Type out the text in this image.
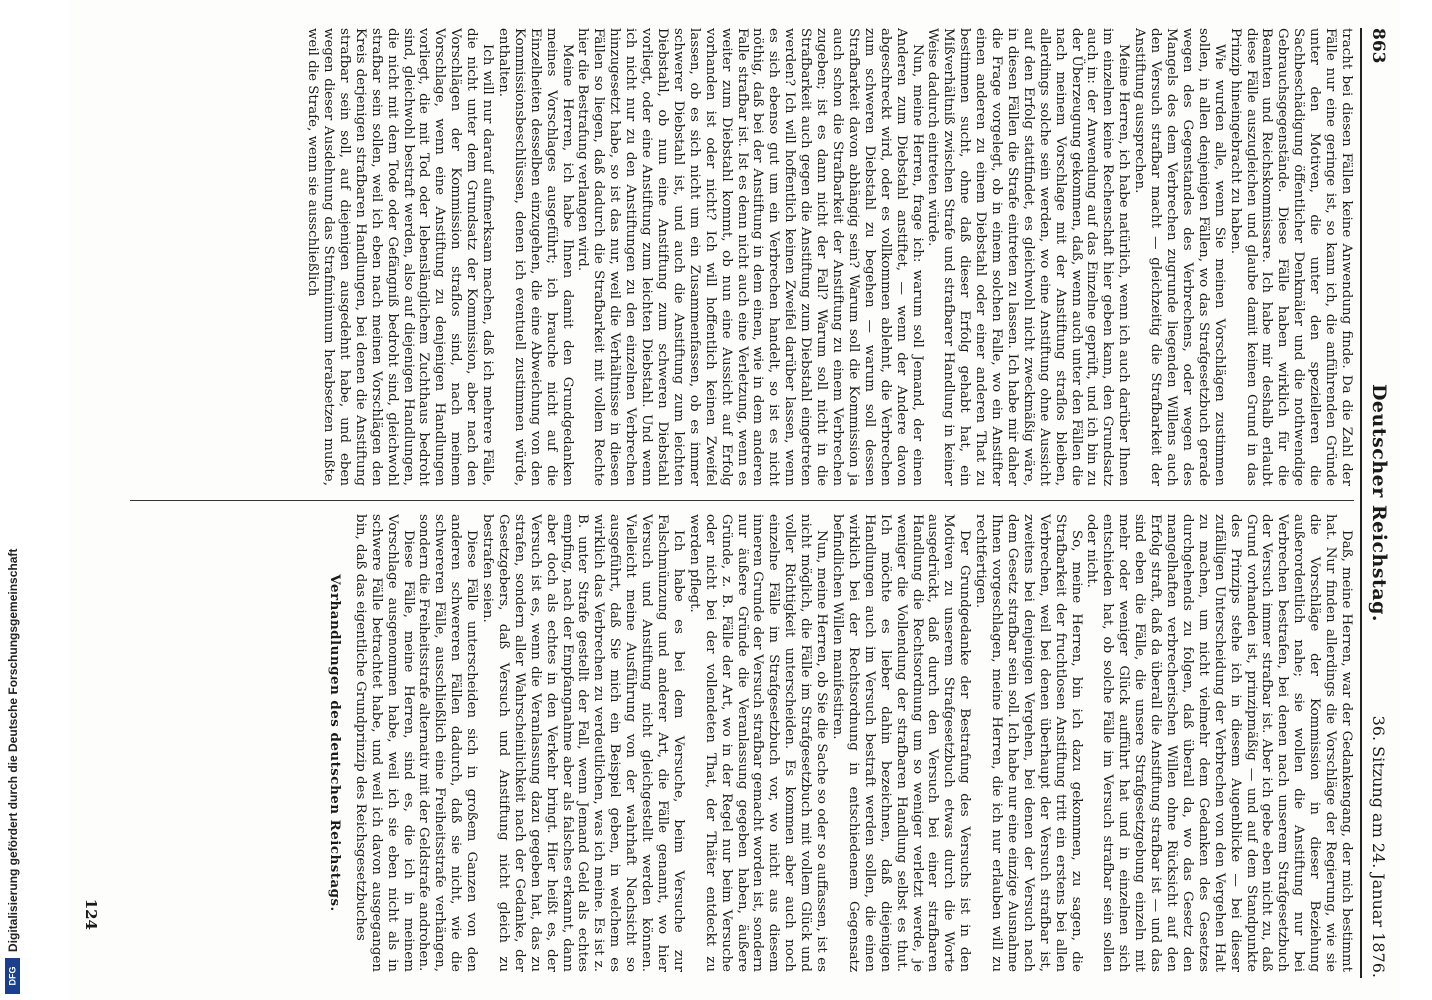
863
Deutscher Reichstag.
36. Sitzung am 24. Januar 1876.

tracht bei diesen Fällen keine Anwendung finde. Da die Zahl der Fälle nur eine geringe ist, so kann ich, die anführenden Gründe unter den Motiven, die unter den spezielleren die Sachbeschädigung öffentlicher Denkmäler und die nothwendige Gebrauchsgegenstände. Diese Fälle haben wirklich für die Beamten und Reichskommissare. Ich habe mir deshalb erlaubt diese Fälle auszugleichen und glaube damit keinen Grund in das Prinzip hineingebracht zu haben.

Wie wurden alle, wenn Sie meinen Vorschlägen zustimmen sollen, in allen denjenigen Fällen, wo das Strafgesetzbuch gerade wegen des Gegenstandes des Verbrechens, oder wegen des Mangels des dem Verbrechen zugrunde liegenden Willens auch den Versuch strafbar macht — gleichzeitig die Strafbarkeit der Anstiftung aussprechen.

Meine Herren, ich habe natürlich, wenn ich auch darüber Ihnen im einzelnen keine Rechenschaft hier geben kann, den Grundsatz auch in: der Anwendung auf das Einzelne geprüft, und ich bin zu der Überzeugung gekommen, daß, wenn auch unter den Fällen die nach meinem Vorschlage mit der Anstiftung straflos bleiben, allerdings solche sein werden, wo eine Anstiftung ohne Aussicht auf den Erfolg stattfindet, es gleichwohl nicht zweckmäßig wäre, in diesen Fällen die Strafe eintreten zu lassen. Ich habe mir daher die Frage vorgelegt, ob in einem solchen Falle, wo ein Anstifter einen anderen zu einem Diebstahl oder einer anderen That zu bestimmen sucht, ohne daß dieser Erfolg gehabt hat, ein Mißverhältniß zwischen Strafe und strafbarer Handlung in keiner Weise dadurch eintreten würde.

Nun, meine Herren, frage ich: warum soll Jemand, der einen Anderen zum Diebstahl anstiftet, — wenn der Andere davon abgeschreckt wird, oder es vollkommen ablehnt, die Verbrechen zum schweren Diebstahl zu begehen — warum soll dessen Strafbarkeit davon abhängig sein? Warum soll die Kommission ja auch schon die Strafbarkeit der Anstiftung zu einem Verbrechen zugeben; ist es dann nicht der Fall? Warum soll nicht in die Strafbarkeit auch gegen die Anstiftung zum Diebstahl eingetreten werden? Ich will hoffentlich keinen Zweifel darüber lassen, wenn es sich ebenso gut um ein Verbrechen handelt, so ist es nicht nöthig, daß bei der Anstiftung in dem einen, wie in dem anderen Falle strafbar ist. Ist es denn nicht auch eine Verletzung, wenn es weiter zum Diebstahl kommt, ob nun eine Aussicht auf Erfolg vorhanden ist oder nicht? Ich will hoffentlich keinen Zweifel lassen, ob es sich nicht um ein Zusammenfassen, ob es immer schwerer Diebstahl ist, und auch die Anstiftung zum leichten Diebstahl, ob nun eine Anstiftung zum schweren Diebstahl vorliegt, oder eine Anstiftung zum leichten Diebstahl. Und wenn ich nicht nur zu den Anstiftungen zu den einzelnen Verbrechen hinzugesetzt habe, so ist das nur, weil die Verhältnisse in diesen Fällen so liegen, daß dadurch die Strafbarkeit mit vollem Rechte hier die Bestrafung verlangen wird.

Meine Herren, ich habe Ihnen damit den Grundgedanken meines Vorschlages ausgeführt; ich brauche nicht auf die Einzelheiten desselben einzugehen, die eine Abweichung von den Kommissionsbeschlüssen, denen ich eventuell zustimmen würde, enthalten.

Ich will nur darauf aufmerksam machen, daß ich mehrere Fälle, die nicht unter dem Grundsatz der Kommission, aber nach den Vorschlägen der Kommission straflos sind, nach meinem Vorschlage, wenn eine Anstiftung zu denjenigen Handlungen vorliegt, die mit Tod oder lebenslänglichem Zuchthaus bedroht sind, gleichwohl bestraft werden, also auf diejenigen Handlungen, die nicht mit dem Tode oder Gefängniß bedroht sind, gleichwohl strafbar sein sollen, weil ich eben nach meinen Vorschlägen den Kreis derjenigen strafbaren Handlungen, bei denen die Anstiftung strafbar sein soll, auf diejenigen ausgedehnt habe, und eben wegen dieser Ausdehnung das Strafminimum herabsetzen mußte, weil die Strafe, wenn sie ausschließlich

Daß, meine Herren, war der Gedankengang, der mich bestimmt hat. Nur finden allerdings die Vorschläge der Regierung, wie sie die Vorschläge der Kommission in dieser Beziehung außerordentlich nahe; sie wollen die Anstiftung nur bei Verbrechen bestrafen, bei denen nach unserem Strafgesetzbuch der Versuch immer strafbar ist. Aber ich gebe eben nicht zu, daß Grund vorhanden ist, prinzipmäßig — und auf dem Standpunkte des Prinzips stehe ich in diesem Augenblicke — bei dieser zufälligen Unterscheidung der Verbrechen von den Vergehen Halt zu machen, um nicht vielmehr dem Gedanken des Gesetzes durchgehends zu folgen, daß überall da, wo das Gesetz den mangelhaften verbrecherischen Willen ohne Rücksicht auf den Erfolg straft, daß da überall die Anstiftung strafbar ist — und das sind eben die Fälle, die unsere Strafgesetzgebung einzeln mit mehr oder weniger Glück aufführt hat und in einzelnen sich entschieden hat, ob solche Fälle im Versuch strafbar sein sollen oder nicht.

So, meine Herren, bin ich dazu gekommen, zu sagen, die Strafbarkeit der fruchtlosen Anstiftung tritt ein erstens bei allen Verbrechen, weil bei denen überhaupt der Versuch strafbar ist, zweitens bei denjenigen Vergehen, bei denen der Versuch nach dem Gesetz strafbar sein soll. Ich habe nur eine einzige Ausnahme Ihnen vorgeschlagen, meine Herren, die ich nur erlauben will zu rechtfertigen.

Der Grundgedanke der Bestrafung des Versuchs ist in den Motiven zu unserem Strafgesetzbuch etwas durch die Worte ausgedrückt, daß durch den Versuch bei einer strafbaren Handlung die Rechtsordnung um so weniger verletzt werde, je weniger die Vollendung der strafbaren Handlung selbst es thut. Ich möchte es lieber dahin bezeichnen, daß diejenigen Handlungen auch im Versuch bestraft werden sollen, die einen wirklich bei der Rechtsordnung in entschiedenem Gegensatz befindlichen Willen manifestiren.

Nun, meine Herren, ob Sie die Sache so oder so auffassen, ist es nicht möglich, die Fälle im Strafgesetzbuch mit vollem Glück und voller Richtigkeit unterscheiden. Es kommen aber auch noch einzelne Fälle im Strafgesetzbuch vor, wo nicht aus diesem inneren Grunde der Versuch strafbar gemacht worden ist, sondern nur äußere Gründe die Veranlassung gegeben haben, äußere Gründe, z. B. Fälle der Art, wo in der Regel nur beim Versuche oder nicht bei der vollendeten That, der Thäter entdeckt zu werden pflegt.

Ich habe es bei dem Versuche, beim Versuche zur Falschmünzung und anderer Art, die Fälle genannt, wo hier Versuch und Anstiftung nicht gleichgestellt werden können. Vielleicht meine Ausführung von der wahrhaft Nachsicht so ausgeführt, daß Sie mich ein Beispiel geben, in welchem es wirklich das Verbrechen zu verdeutlichen, was ich meine. Es ist z. B. unter Strafe gestellt der Fall, wenn Jemand Geld als echtes empfing, nach der Empfangnahme aber als falsches erkannt, dann aber doch als echtes in den Verkehr bringt. Hier heißt es, der Versuch ist es, wenn die Veranlassung dazu gegeben hat, das zu strafen, sondern aller Wahrscheinlichkeit nach der Gedanke, der Gesetzgebers, daß Versuch und Anstiftung nicht gleich zu bestrafen seien.

Diese Fälle unterscheiden sich in großem Ganzen von den anderen schwereren Fällen dadurch, daß sie nicht, wie die schwereren Fälle, ausschließlich eine Freiheitsstrafe verhängen, sondern die Freiheitsstrafe alternativ mit der Geldstrafe androhen.

Diese Fälle, meine Herren, sind es, die ich in meinem Vorschlage ausgenommen habe, weil ich sie eben nicht als in schwere Fälle betrachtet habe, und weil ich davon ausgegangen bin, daß das eigentliche Grundprinzip des Reichsgesetzbuches

Verhandlungen des deutschen Reichstags.
124
Digitalisierung gefördert durch die Deutsche Forschungsgemeinschaft
DFG
